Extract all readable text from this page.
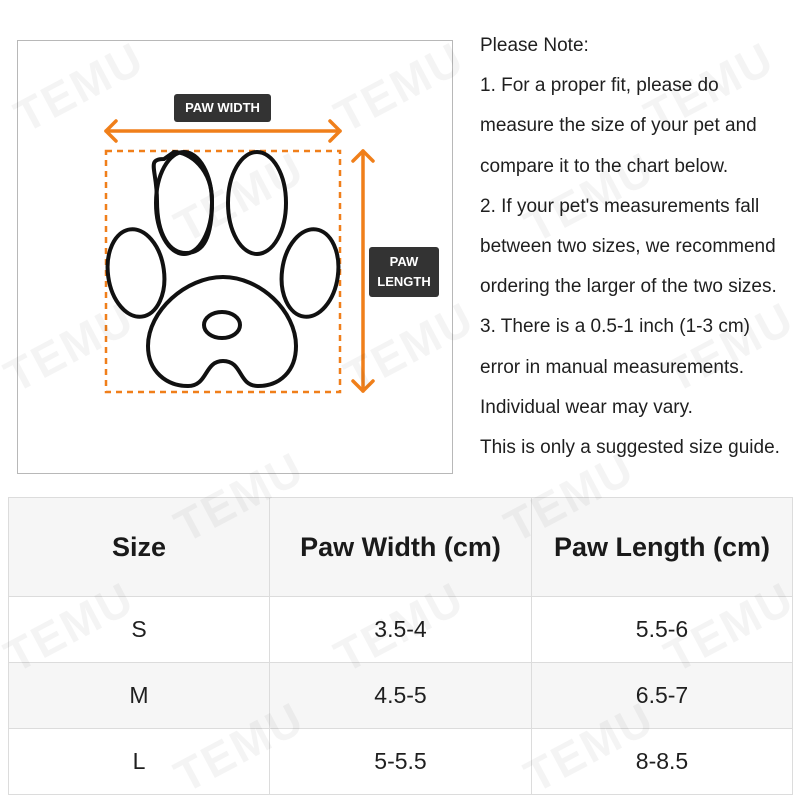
PAW WIDTH
PAW
LENGTH
Please Note:
1. For a proper fit, please do
measure the size of your pet and
compare it to the chart below.
2. If your pet's measurements fall
between two sizes, we recommend
ordering the larger of the two sizes.
3. There is a 0.5-1 inch (1-3 cm)
error in manual measurements.
Individual wear may vary.
This is only a suggested size guide.
Size	Paw Width (cm)	Paw Length (cm)
S	3.5-4	5.5-6
M	4.5-5	6.5-7
L	5-5.5	8-8.5
